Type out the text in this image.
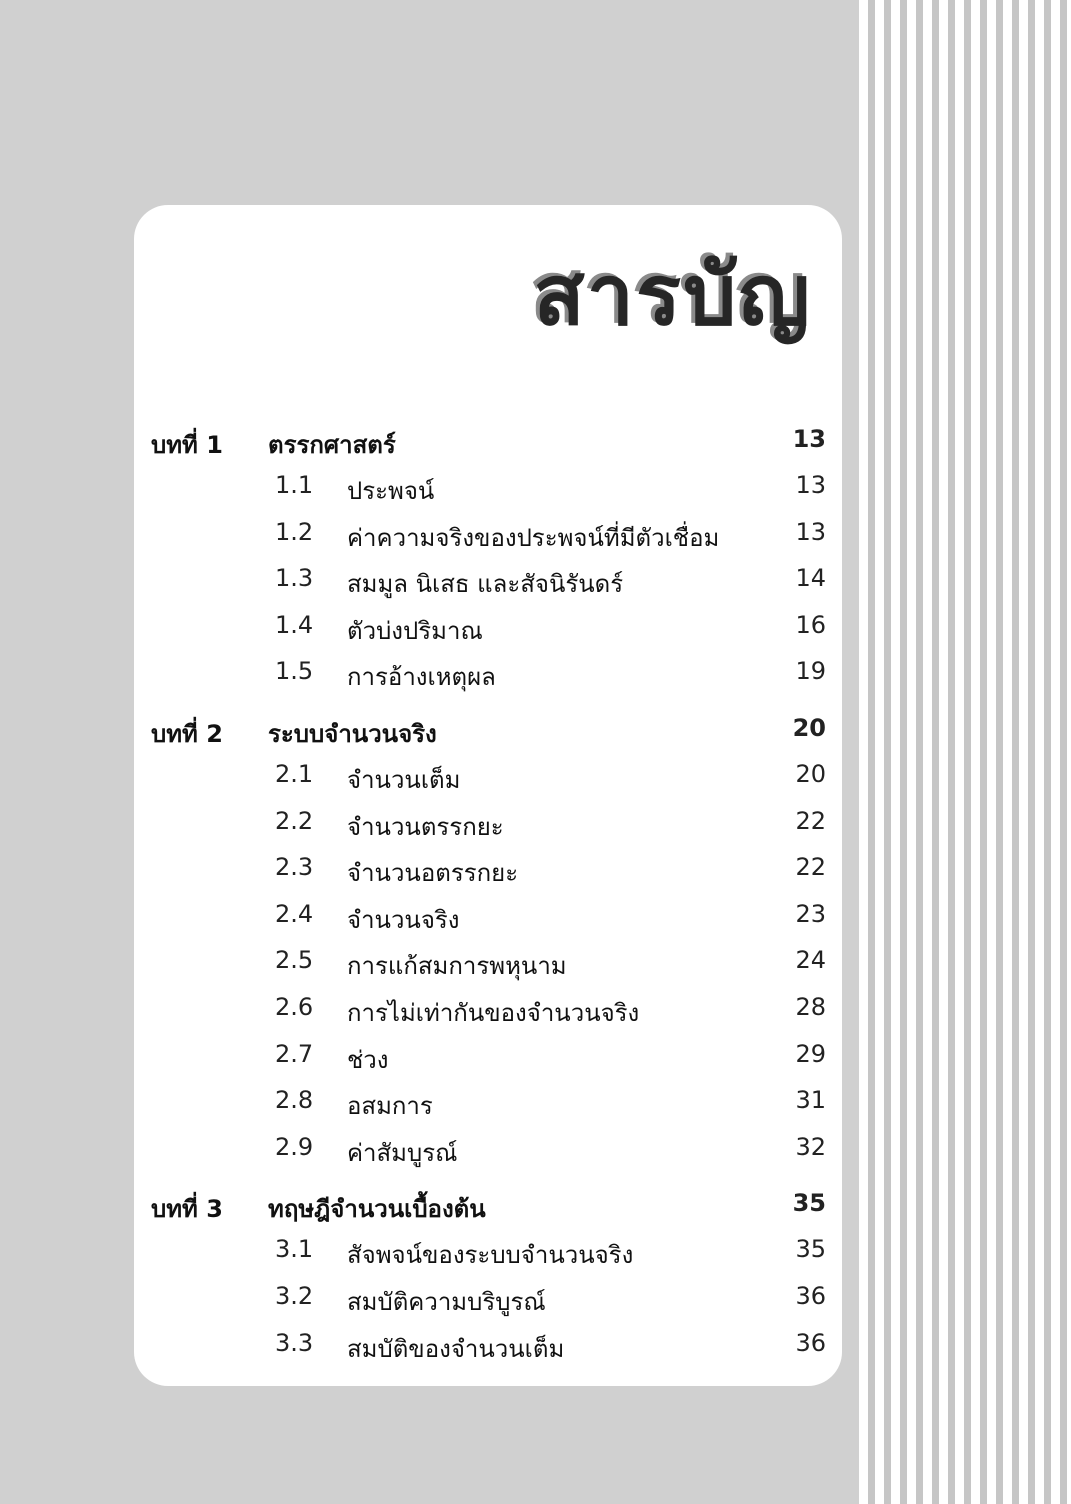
สารบัญ
บทที่ 1 ตรรกศาสตร์	13
1.1 ประพจน์	13
1.2 ค่าความจริงของประพจน์ที่มีตัวเชื่อม	13
1.3 สมมูล นิเสธ และสัจนิรันดร์	14
1.4 ตัวบ่งปริมาณ	16
1.5 การอ้างเหตุผล	19
บทที่ 2 ระบบจำนวนจริง	20
2.1 จำนวนเต็ม	20
2.2 จำนวนตรรกยะ	22
2.3 จำนวนอตรรกยะ	22
2.4 จำนวนจริง	23
2.5 การแก้สมการพหุนาม	24
2.6 การไม่เท่ากันของจำนวนจริง	28
2.7 ช่วง	29
2.8 อสมการ	31
2.9 ค่าสัมบูรณ์	32
บทที่ 3 ทฤษฎีจำนวนเบื้องต้น	35
3.1 สัจพจน์ของระบบจำนวนจริง	35
3.2 สมบัติความบริบูรณ์	36
3.3 สมบัติของจำนวนเต็ม	36
